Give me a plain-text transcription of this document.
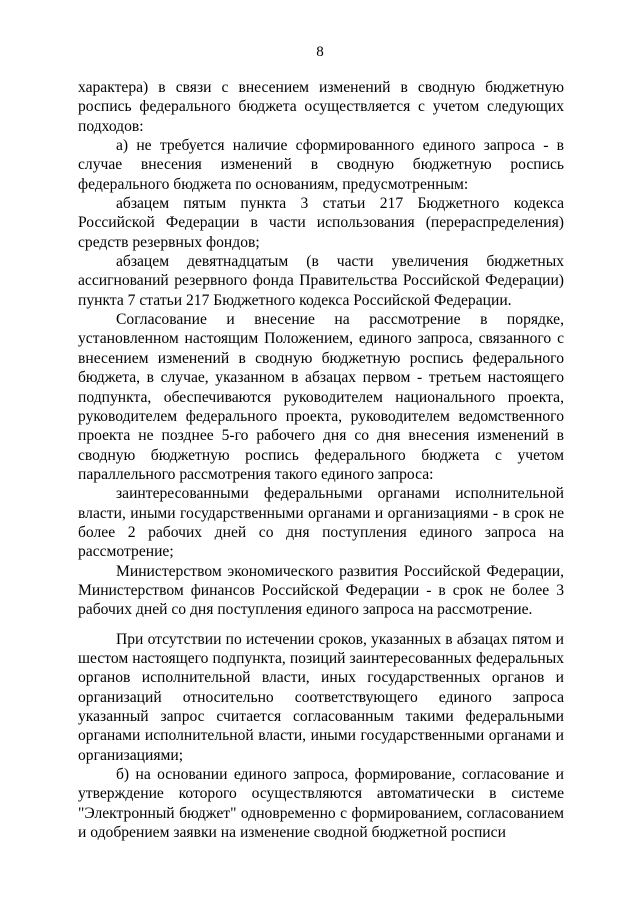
8

характера) в связи с внесением изменений в сводную бюджетную роспись федерального бюджета осуществляется с учетом следующих подходов:

а) не требуется наличие сформированного единого запроса - в случае внесения изменений в сводную бюджетную роспись федерального бюджета по основаниям, предусмотренным:

абзацем пятым пункта 3 статьи 217 Бюджетного кодекса Российской Федерации в части использования (перераспределения) средств резервных фондов;

абзацем девятнадцатым (в части увеличения бюджетных ассигнований резервного фонда Правительства Российской Федерации) пункта 7 статьи 217 Бюджетного кодекса Российской Федерации.

Согласование и внесение на рассмотрение в порядке, установленном настоящим Положением, единого запроса, связанного с внесением изменений в сводную бюджетную роспись федерального бюджета, в случае, указанном в абзацах первом - третьем настоящего подпункта, обеспечиваются руководителем национального проекта, руководителем федерального проекта, руководителем ведомственного проекта не позднее 5-го рабочего дня со дня внесения изменений в сводную бюджетную роспись федерального бюджета с учетом параллельного рассмотрения такого единого запроса:

заинтересованными федеральными органами исполнительной власти, иными государственными органами и организациями - в срок не более 2 рабочих дней со дня поступления единого запроса на рассмотрение;

Министерством экономического развития Российской Федерации, Министерством финансов Российской Федерации - в срок не более 3 рабочих дней со дня поступления единого запроса на рассмотрение.

При отсутствии по истечении сроков, указанных в абзацах пятом и шестом настоящего подпункта, позиций заинтересованных федеральных органов исполнительной власти, иных государственных органов и организаций относительно соответствующего единого запроса указанный запрос считается согласованным такими федеральными органами исполнительной власти, иными государственными органами и организациями;

б) на основании единого запроса, формирование, согласование и утверждение которого осуществляются автоматически в системе "Электронный бюджет" одновременно с формированием, согласованием и одобрением заявки на изменение сводной бюджетной росписи
